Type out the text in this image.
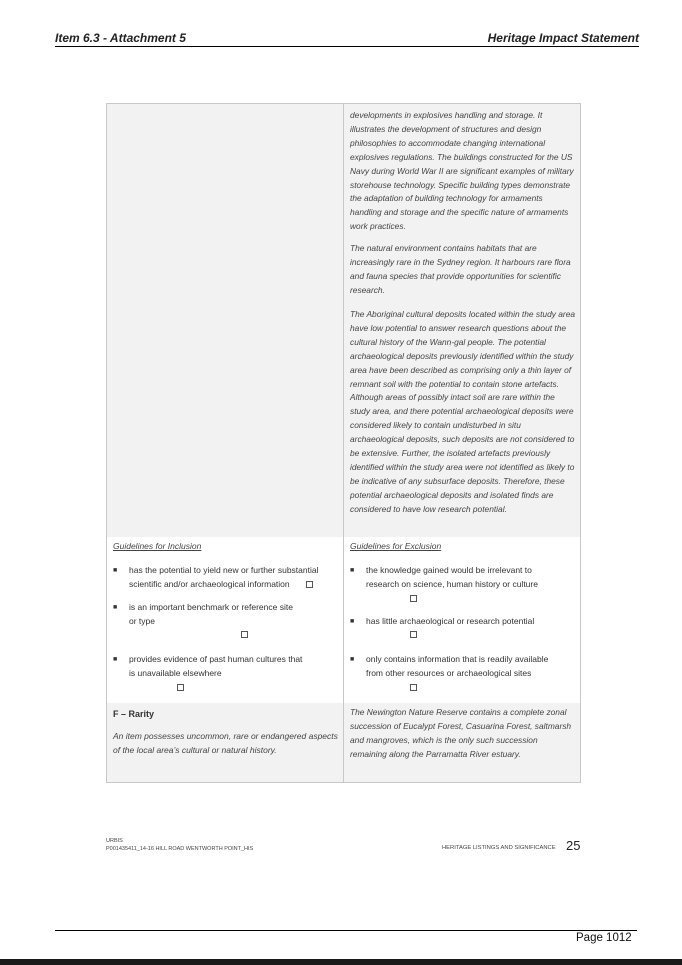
Item 6.3 - Attachment 5	Heritage Impact Statement

developments in explosives handling and storage. It illustrates the development of structures and design philosophies to accommodate changing international explosives regulations. The buildings constructed for the US Navy during World War II are significant examples of military storehouse technology. Specific building types demonstrate the adaptation of building technology for armaments handling and storage and the specific nature of armaments work practices.

The natural environment contains habitats that are increasingly rare in the Sydney region. It harbours rare flora and fauna species that provide opportunities for scientific research.

The Aboriginal cultural deposits located within the study area have low potential to answer research questions about the cultural history of the Wann-gal people. The potential archaeological deposits previously identified within the study area have been described as comprising only a thin layer of remnant soil with the potential to contain stone artefacts. Although areas of possibly intact soil are rare within the study area, and there potential archaeological deposits were considered likely to contain undisturbed in situ archaeological deposits, such deposits are not considered to be extensive. Further, the isolated artefacts previously identified within the study area were not identified as likely to be indicative of any subsurface deposits. Therefore, these potential archaeological deposits and isolated finds are considered to have low research potential.

Guidelines for Inclusion
■ has the potential to yield new or further substantial
scientific and/or archaeological information
■ is an important benchmark or reference site
or type
■ provides evidence of past human cultures that
is unavailable elsewhere
Guidelines for Exclusion
■ the knowledge gained would be irrelevant to
research on science, human history or culture
■ has little archaeological or research potential
■ only contains information that is readily available
from other resources or archaeological sites
F – Rarity

An item possesses uncommon, rare or endangered aspects of the local area’s cultural or natural history.

The Newington Nature Reserve contains a complete zonal succession of Eucalypt Forest, Casuarina Forest, saltmarsh and mangroves, which is the only such succession remaining along the Parramatta River estuary.

URBIS
P0014354​11_14-16 HILL ROAD WENTWORTH POINT_HIS	HERITAGE LISTINGS AND SIGNIFICANCE 25
Page 1012
